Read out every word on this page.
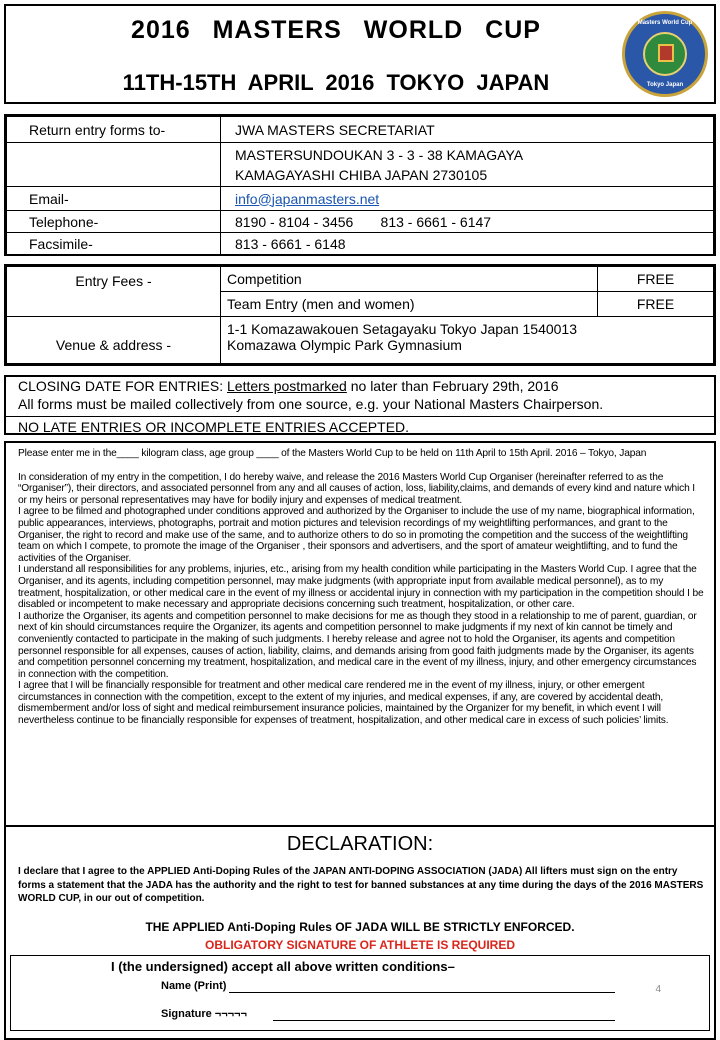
2016 MASTERS WORLD CUP
11TH-15TH APRIL 2016 TOKYO JAPAN
Masters World Cup
Tokyo Japan
Return entry forms to-	JWA MASTERS SECRETARIAT

	MASTERSUNDOUKAN 3 - 3 - 38 KAMAGAYA
KAMAGAYASHI CHIBA JAPAN 2730105

Email-	info@japanmasters.net
Telephone-	8190 - 8104 - 3456       813 - 6661 - 6147
Facsimile-	813 - 6661 - 6148
Entry Fees -	Competition	FREE
	Team Entry (men and women)	FREE
Venue & address -	1-1 Komazawakouen Setagayaku Tokyo Japan 1540013
Komazawa Olympic Park Gymnasium	
CLOSING DATE FOR ENTRIES: Letters postmarked no later than February 29th, 2016
All forms must be mailed collectively from one source, e.g. your National Masters Chairperson.
NO LATE ENTRIES OR INCOMPLETE ENTRIES ACCEPTED.

Please enter me in the____ kilogram class, age group ____ of the Masters World Cup to be held on 11th April to 15th April. 2016 – Tokyo, Japan

In consideration of my entry in the competition, I do hereby waive, and release the 2016 Masters World Cup Organiser (hereinafter referred to as the “Organiser”), their directors, and associated personnel from any and all causes of action, loss, liability,claims, and demands of every kind and nature which I or my heirs or personal representatives may have for bodily injury and expenses of medical treatment.

I agree to be filmed and photographed under conditions approved and authorized by the Organiser to include the use of my name, biographical information, public appearances, interviews, photographs, portrait and motion pictures and television recordings of my weightlifting performances, and grant to the Organiser, the right to record and make use of the same, and to authorize others to do so in promoting the competition and the success of the weightlifting team on which I compete, to promote the image of the Organiser , their sponsors and advertisers, and the sport of amateur weightlifting, and to fund the activities of the Organiser.

I understand all responsibilities for any problems, injuries, etc., arising from my health condition while participating in the Masters World Cup. I agree that the Organiser, and its agents, including competition personnel, may make judgments (with appropriate input from available medical personnel), as to my treatment, hospitalization, or other medical care in the event of my illness or accidental injury in connection with my participation in the competition should I be disabled or incompetent to make necessary and appropriate decisions concerning such treatment, hospitalization, or other care.

I authorize the Organiser, its agents and competition personnel to make decisions for me as though they stood in a relationship to me of parent, guardian, or next of kin should circumstances require the Organizer, its agents and competition personnel to make judgments if my next of kin cannot be timely and conveniently contacted to participate in the making of such judgments. I hereby release and agree not to hold the Organiser, its agents and competition personnel responsible for all expenses, causes of action, liability, claims, and demands arising from good faith judgments made by the Organiser, its agents and competition personnel concerning my treatment, hospitalization, and medical care in the event of my illness, injury, and other emergency circumstances in connection with the competition.

I agree that I will be financially responsible for treatment and other medical care rendered me in the event of my illness, injury, or other emergent circumstances in connection with the competition, except to the extent of my injuries, and medical expenses, if any, are covered by accidental death, dismemberment and/or loss of sight and medical reimbursement insurance policies, maintained by the Organizer for my benefit, in which event I will nevertheless continue to be financially responsible for expenses of treatment, hospitalization, and other medical care in excess of such policies’ limits.

DECLARATION:
I declare that I agree to the APPLIED Anti-Doping Rules of the JAPAN ANTI-DOPING ASSOCIATION (JADA) All lifters must sign on the entry forms a statement that the JADA has the authority and the right to test for banned substances at any time during the days of the 2016 MASTERS WORLD CUP, in our out of competition.
THE APPLIED Anti-Doping Rules OF JADA WILL BE STRICTLY ENFORCED.
OBLIGATORY SIGNATURE OF ATHLETE IS REQUIRED
I (the undersigned) accept all above written conditions–
Name (Print)
Signature ¬¬¬¬¬
4
